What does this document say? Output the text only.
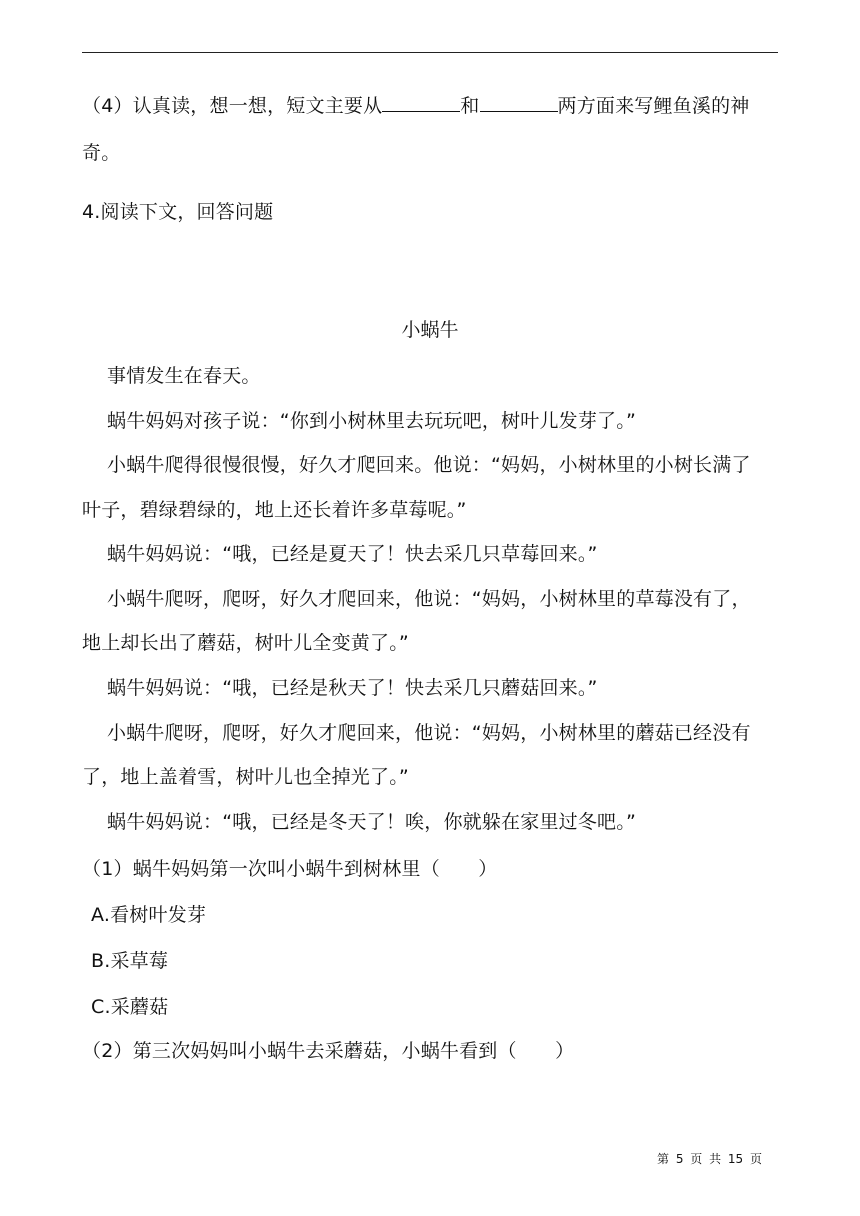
（4）认真读，想一想，短文主要从	和	两方面来写鲤鱼溪的神
奇。
4.阅读下文，回答问题
小蜗牛
事情发生在春天。
蜗牛妈妈对孩子说：“你到小树林里去玩玩吧，树叶儿发芽了。”
小蜗牛爬得很慢很慢，好久才爬回来。他说：“妈妈，小树林里的小树长满了
叶子，碧绿碧绿的，地上还长着许多草莓呢。”
蜗牛妈妈说：“哦，已经是夏天了！快去采几只草莓回来。”
小蜗牛爬呀，爬呀，好久才爬回来，他说：“妈妈，小树林里的草莓没有了，
地上却长出了蘑菇，树叶儿全变黄了。”
蜗牛妈妈说：“哦，已经是秋天了！快去采几只蘑菇回来。”
小蜗牛爬呀，爬呀，好久才爬回来，他说：“妈妈，小树林里的蘑菇已经没有
了，地上盖着雪，树叶儿也全掉光了。”
蜗牛妈妈说：“哦，已经是冬天了！唉，你就躲在家里过冬吧。”
（1）蜗牛妈妈第一次叫小蜗牛到树林里（　　）
A.看树叶发芽
B.采草莓
C.采蘑菇
（2）第三次妈妈叫小蜗牛去采蘑菇，小蜗牛看到（　　）
第 5 页 共 15 页
